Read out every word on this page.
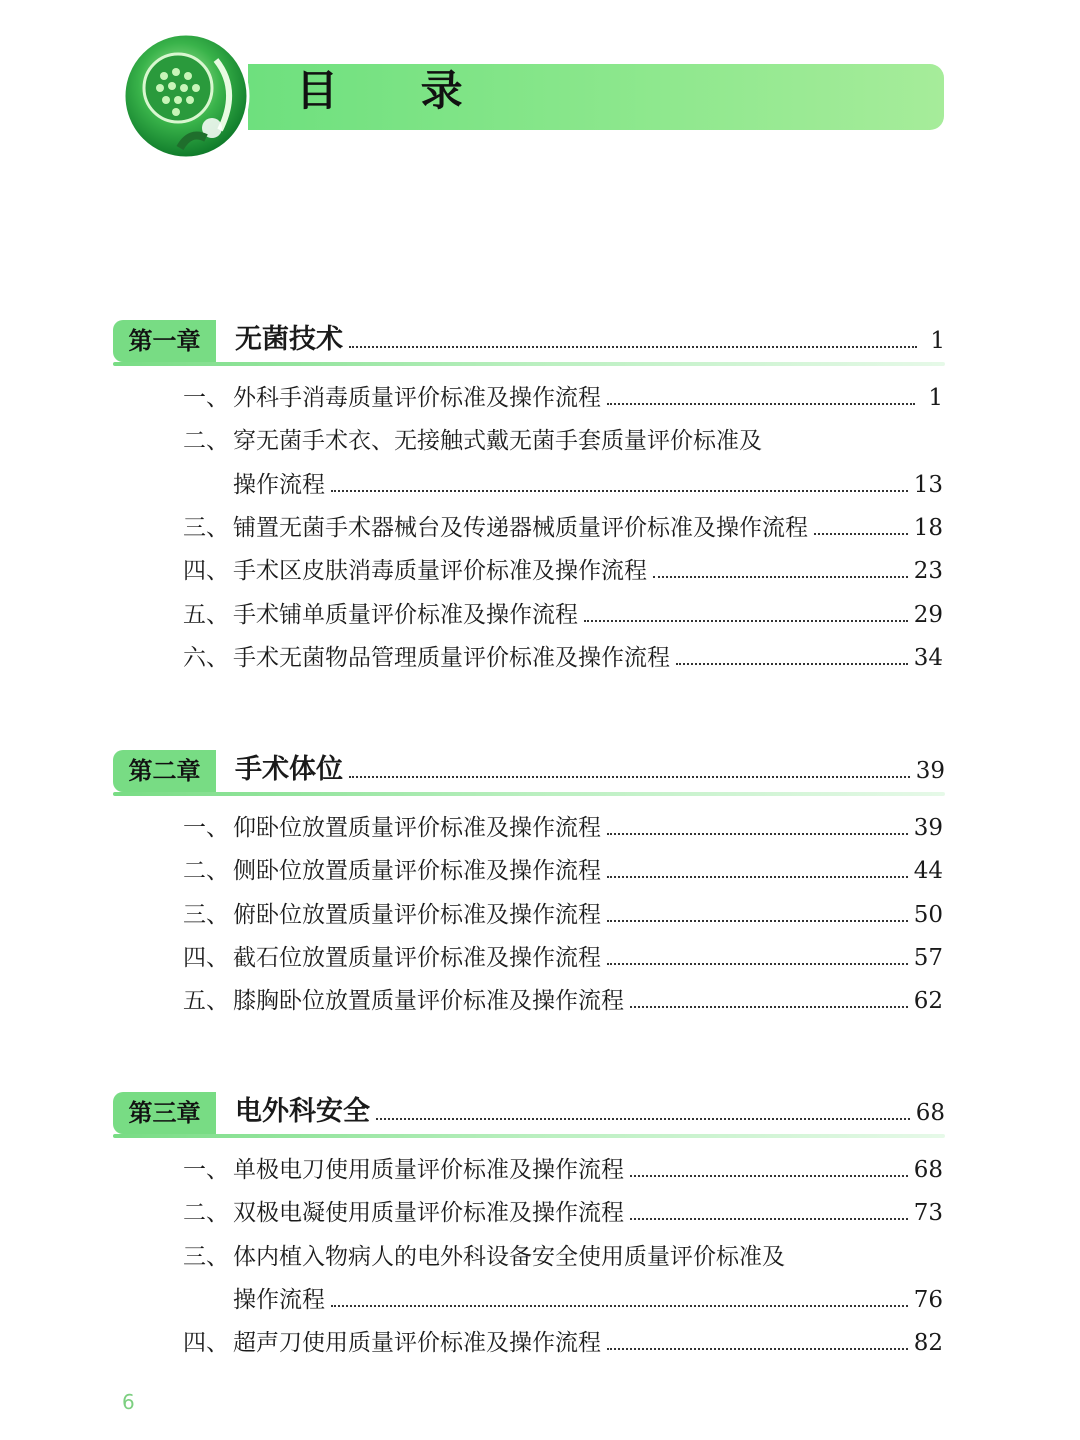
目 录
第一章	无菌技术	1
一、 外科手消毒质量评价标准及操作流程	1
二、 穿无菌手术衣、无接触式戴无菌手套质量评价标准及
操作流程	13
三、 铺置无菌手术器械台及传递器械质量评价标准及操作流程	18
四、 手术区皮肤消毒质量评价标准及操作流程	23
五、 手术铺单质量评价标准及操作流程	29
六、 手术无菌物品管理质量评价标准及操作流程	34
第二章	手术体位	39
一、 仰卧位放置质量评价标准及操作流程	39
二、 侧卧位放置质量评价标准及操作流程	44
三、 俯卧位放置质量评价标准及操作流程	50
四、 截石位放置质量评价标准及操作流程	57
五、 膝胸卧位放置质量评价标准及操作流程	62
第三章	电外科安全	68
一、 单极电刀使用质量评价标准及操作流程	68
二、 双极电凝使用质量评价标准及操作流程	73
三、 体内植入物病人的电外科设备安全使用质量评价标准及
操作流程	76
四、 超声刀使用质量评价标准及操作流程	82
6
